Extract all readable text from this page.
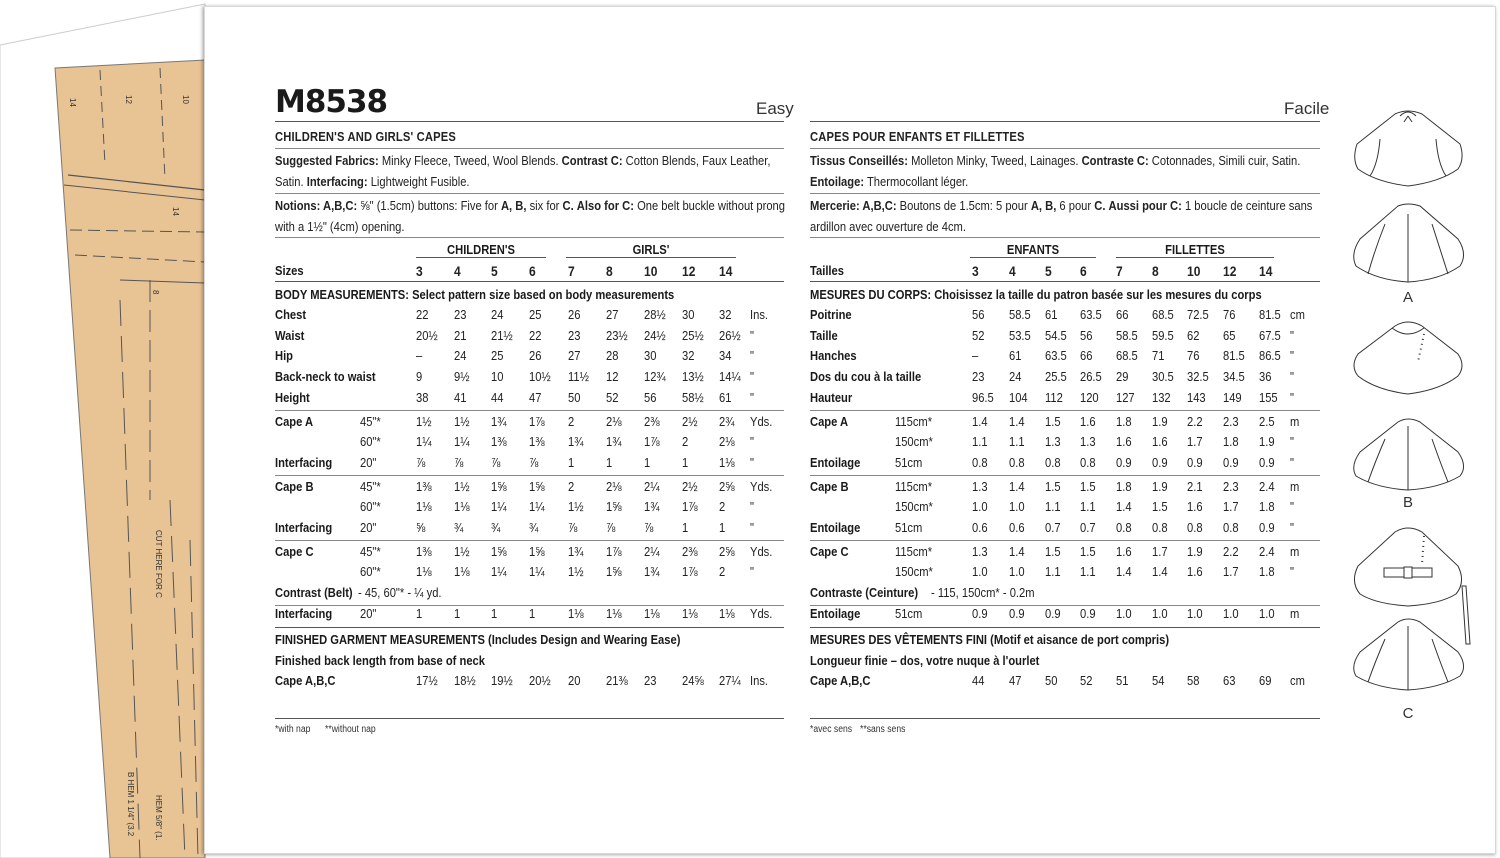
14	12	10
14
8
CUT HERE FOR C
B HEM 1 1/4" (3.2 HEM 5/8" (1.
M8538	Easy	Facile
CHILDREN'S AND GIRLS' CAPES
Suggested Fabrics: Minky Fleece, Tweed, Wool Blends. Contrast C: Cotton Blends, Faux Leather,
Satin. Interfacing: Lightweight Fusible.
Notions: A,B,C: ⅝" (1.5cm) buttons: Five for A, B, six for C. Also for C: One belt buckle without prong
with a 1½" (4cm) opening.
CHILDREN'S	GIRLS'
Sizes	3 4 5 6 7 8 10 12 14
BODY MEASUREMENTS: Select pattern size based on body measurements
Chest	22 23 24 25 26 27 28½ 30 32 Ins.
Waist	20½ 21 21½ 22 23 23½ 24½ 25½ 26½ "
Hip	– 24 25 26 27 28 30 32 34 "
Back-neck to waist	9 9½ 10 10½ 11½ 12 12¾ 13½ 14¼ "
Height	38 41 44 47 50 52 56 58½ 61 "
Cape A	45"*	1½ 1½ 1¾ 1⅞ 2 2⅛ 2⅜ 2½ 2¾ Yds.
60"*	1¼ 1¼ 1⅜ 1⅜ 1¾ 1¾ 1⅞ 2 2⅛ "
Interfacing 20"	⅞ ⅞ ⅞ ⅞ 1 1 1 1 1⅛ "
Cape B	45"*	1⅜ 1½ 1⅝ 1⅝ 2 2⅛ 2¼ 2½ 2⅝ Yds.
60"*	1⅛ 1⅛ 1¼ 1¼ 1½ 1⅝ 1¾ 1⅞ 2 "
Interfacing 20"	⅝ ¾ ¾ ¾ ⅞ ⅞ ⅞ 1 1 "
Cape C	45"*	1⅜ 1½ 1⅝ 1⅝ 1¾ 1⅞ 2¼ 2⅜ 2⅝ Yds.
60"*	1⅛ 1⅛ 1¼ 1¼ 1½ 1⅝ 1¾ 1⅞ 2 "
Contrast (Belt) - 45, 60"* - ¼ yd.
Interfacing 20"	1 1 1 1	1⅛ 1⅛ 1⅛ 1⅛ 1⅛ Yds.
FINISHED GARMENT MEASUREMENTS (Includes Design and Wearing Ease)
Finished back length from base of neck
Cape A,B,C	17½ 18½ 19½ 20½ 20 21⅜ 23 24⅝ 27¼ Ins.
*with nap **without nap
CAPES POUR ENFANTS ET FILLETTES
Tissus Conseillés: Molleton Minky, Tweed, Lainages. Contraste C: Cotonnades, Simili cuir, Satin.
Entoilage: Thermocollant léger.
Mercerie: A,B,C: Boutons de 1.5cm: 5 pour A, B, 6 pour C. Aussi pour C: 1 boucle de ceinture sans
ardillon avec ouverture de 4cm.
ENFANTS	FILLETTES
Tailles	3 4 5 6 7 8 10 12 14
MESURES DU CORPS: Choisissez la taille du patron basée sur les mesures du corps
Poitrine	56 58.5 61 63.5 66 68.5 72.5 76 81.5 cm
Taille	52 53.5 54.5 56 58.5 59.5 62 65 67.5 "
Hanches	– 61 63.5 66 68.5 71 76 81.5 86.5 "
Dos du cou à la taille	23 24 25.5 26.5 29 30.5 32.5 34.5 36 "
Hauteur	96.5 104 112 120 127 132 143 149 155 "
Cape A	115cm*	1.4 1.4 1.5 1.6 1.8 1.9 2.2 2.3 2.5 m
150cm*	1.1 1.1 1.3 1.3 1.6 1.6 1.7 1.8 1.9 "
Entoilage	51cm	0.8 0.8 0.8 0.8 0.9 0.9 0.9 0.9 0.9 "
Cape B	115cm*	1.3 1.4 1.5 1.5 1.8 1.9 2.1 2.3 2.4 m
150cm*	1.0 1.0 1.1 1.1 1.4 1.5 1.6 1.7 1.8 "
Entoilage	51cm	0.6 0.6 0.7 0.7 0.8 0.8 0.8 0.8 0.9 "
Cape C	115cm*	1.3 1.4 1.5 1.5 1.6 1.7 1.9 2.2 2.4 m
150cm*	1.0 1.0 1.1 1.1 1.4 1.4 1.6 1.7 1.8 "
Contraste (Ceinture) - 115, 150cm* - 0.2m
Entoilage	51cm	0.9 0.9 0.9 0.9 1.0 1.0 1.0 1.0 1.0 m
MESURES DES VÊTEMENTS FINI (Motif et aisance de port compris)
Longueur finie – dos, votre nuque à l'ourlet
Cape A,B,C	44 47 50 52 51 54 58 63 69 cm
*avec sens **sans sens
A
B
C
